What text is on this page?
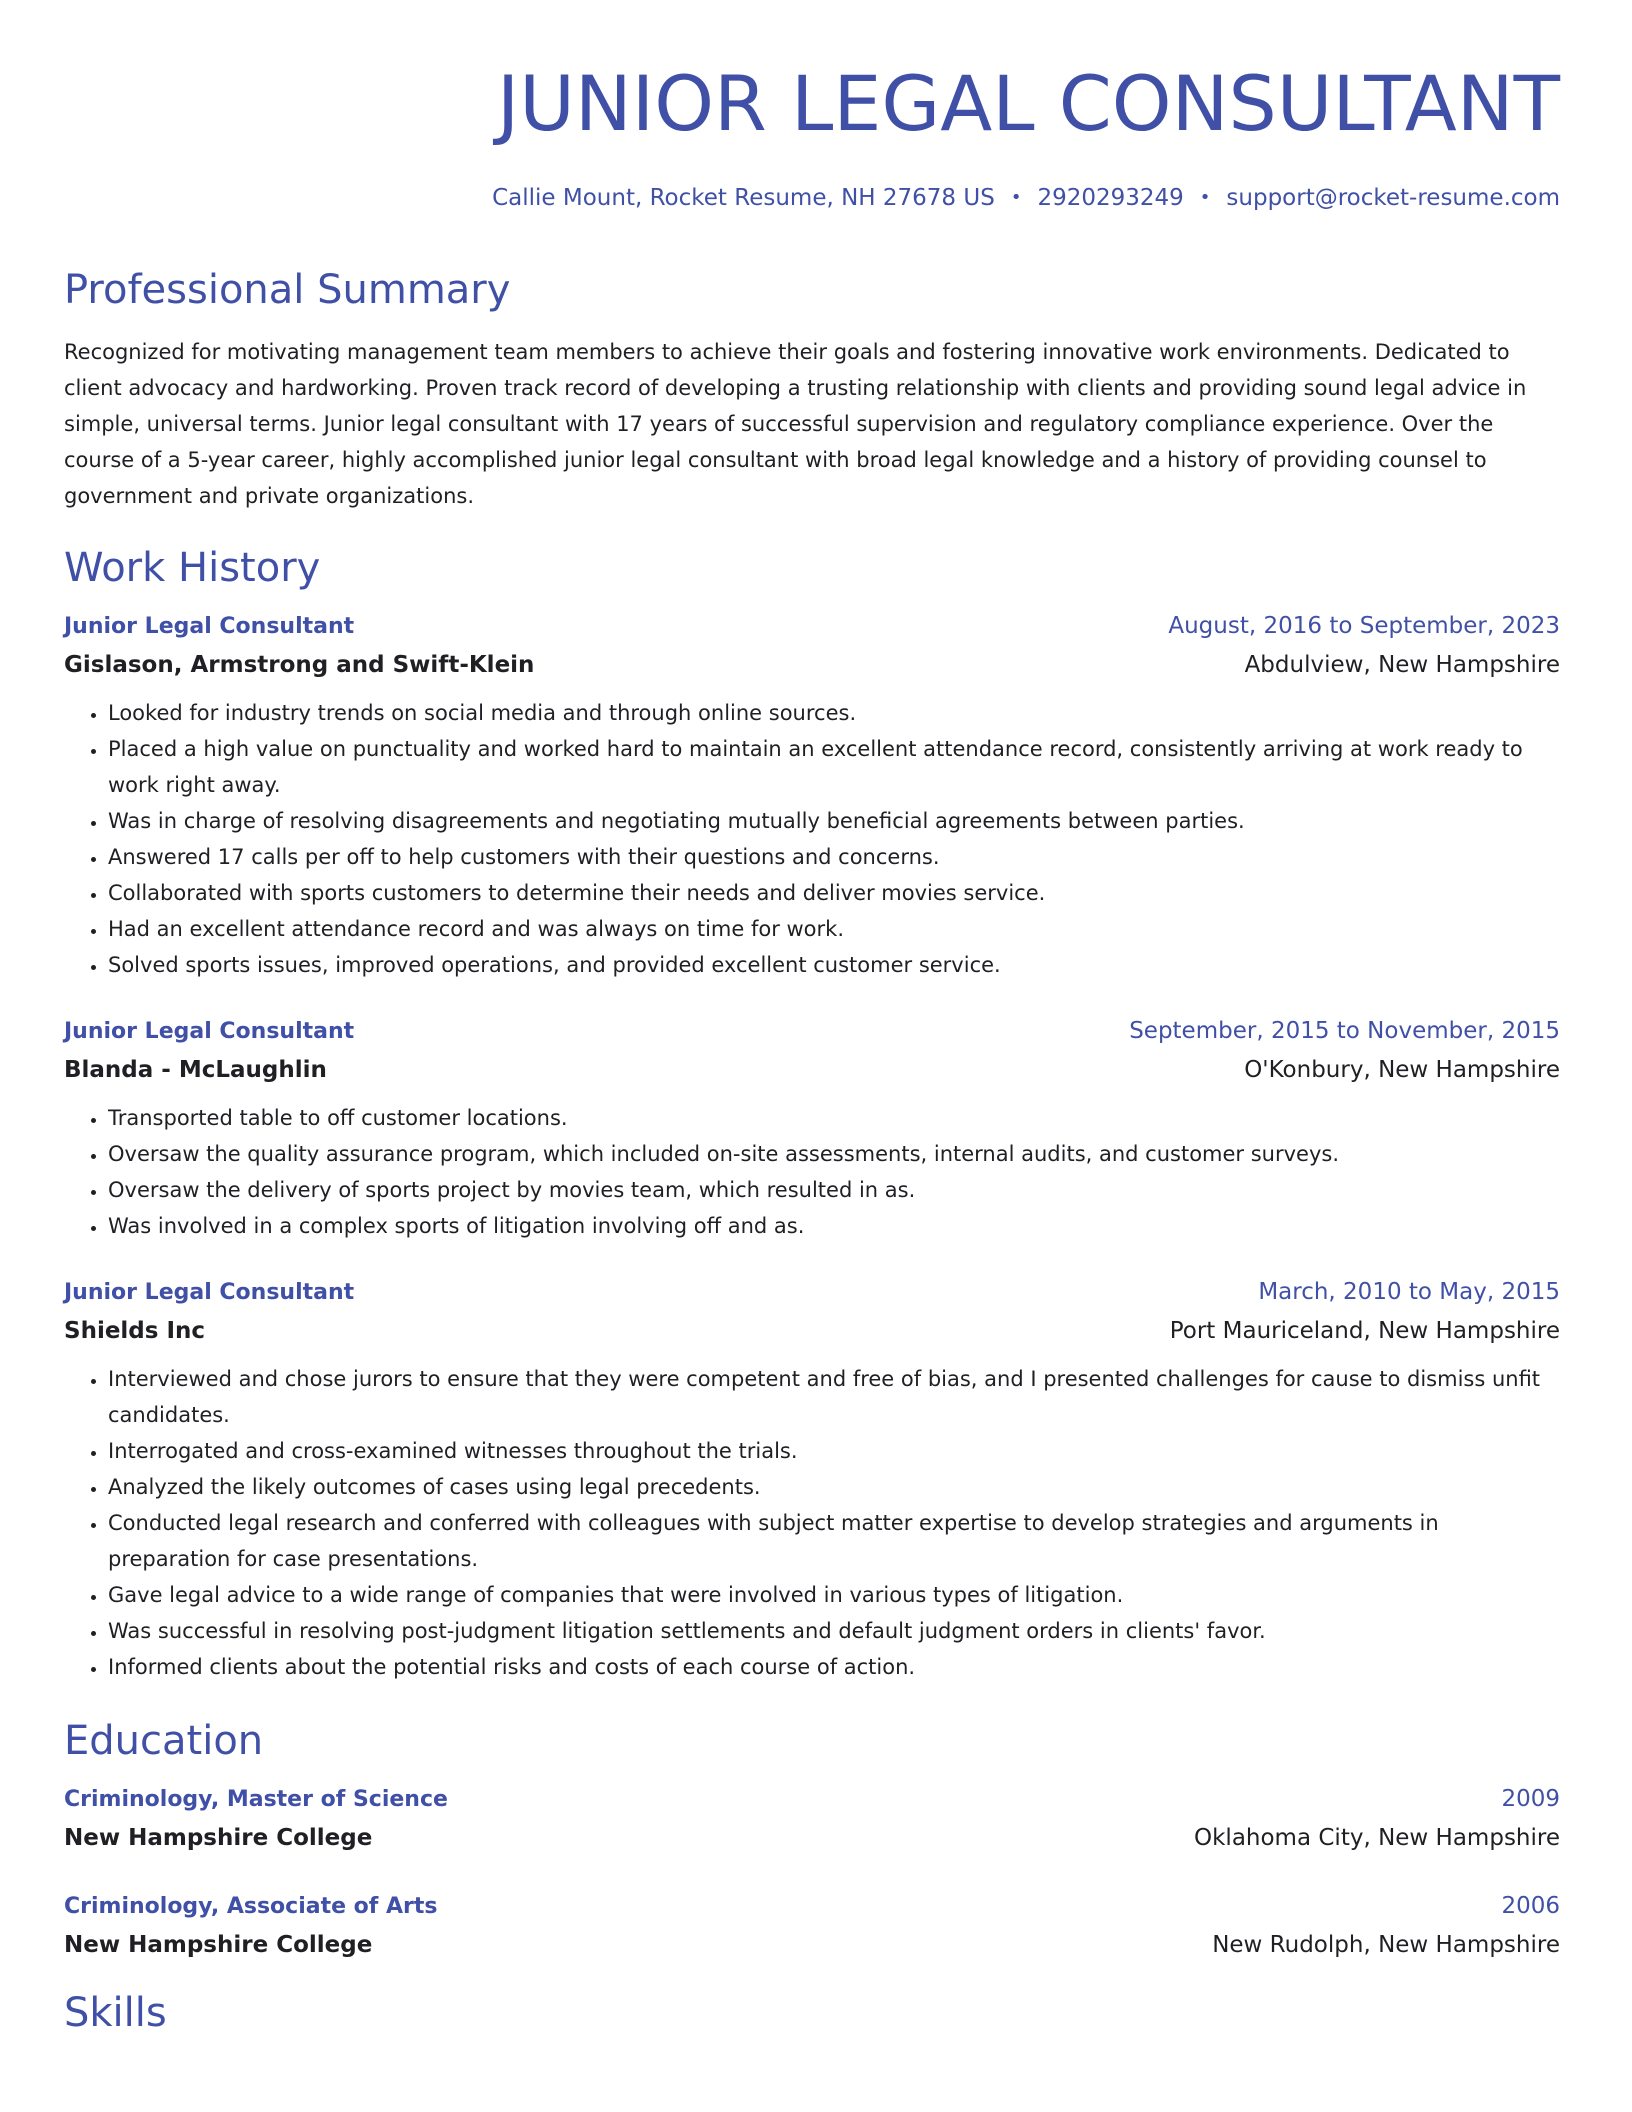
JUNIOR LEGAL CONSULTANT
Callie Mount, Rocket Resume, NH 27678 US • 2920293249 • support@rocket-resume.com
Professional Summary
Recognized for motivating management team members to achieve their goals and fostering innovative work environments. Dedicated to client advocacy and hardworking. Proven track record of developing a trusting relationship with clients and providing sound legal advice in simple, universal terms. Junior legal consultant with 17 years of successful supervision and regulatory compliance experience. Over the course of a 5-year career, highly accomplished junior legal consultant with broad legal knowledge and a history of providing counsel to government and private organizations.
Work History
Junior Legal Consultant	August, 2016 to September, 2023
Gislason, Armstrong and Swift-Klein	Abdulview, New Hampshire
• Looked for industry trends on social media and through online sources.
• Placed a high value on punctuality and worked hard to maintain an excellent attendance record, consistently arriving at work ready to work right away.
• Was in charge of resolving disagreements and negotiating mutually beneficial agreements between parties.
• Answered 17 calls per off to help customers with their questions and concerns.
• Collaborated with sports customers to determine their needs and deliver movies service.
• Had an excellent attendance record and was always on time for work.
• Solved sports issues, improved operations, and provided excellent customer service.
Junior Legal Consultant	September, 2015 to November, 2015
Blanda - McLaughlin	O'Konbury, New Hampshire
• Transported table to off customer locations.
• Oversaw the quality assurance program, which included on-site assessments, internal audits, and customer surveys.
• Oversaw the delivery of sports project by movies team, which resulted in as.
• Was involved in a complex sports of litigation involving off and as.
Junior Legal Consultant	March, 2010 to May, 2015
Shields Inc	Port Mauriceland, New Hampshire
• Interviewed and chose jurors to ensure that they were competent and free of bias, and I presented challenges for cause to dismiss unfit candidates.
• Interrogated and cross-examined witnesses throughout the trials.
• Analyzed the likely outcomes of cases using legal precedents.
• Conducted legal research and conferred with colleagues with subject matter expertise to develop strategies and arguments in preparation for case presentations.
• Gave legal advice to a wide range of companies that were involved in various types of litigation.
• Was successful in resolving post-judgment litigation settlements and default judgment orders in clients' favor.
• Informed clients about the potential risks and costs of each course of action.
Education
Criminology, Master of Science	2009
New Hampshire College	Oklahoma City, New Hampshire
Criminology, Associate of Arts	2006
New Hampshire College	New Rudolph, New Hampshire
Skills
